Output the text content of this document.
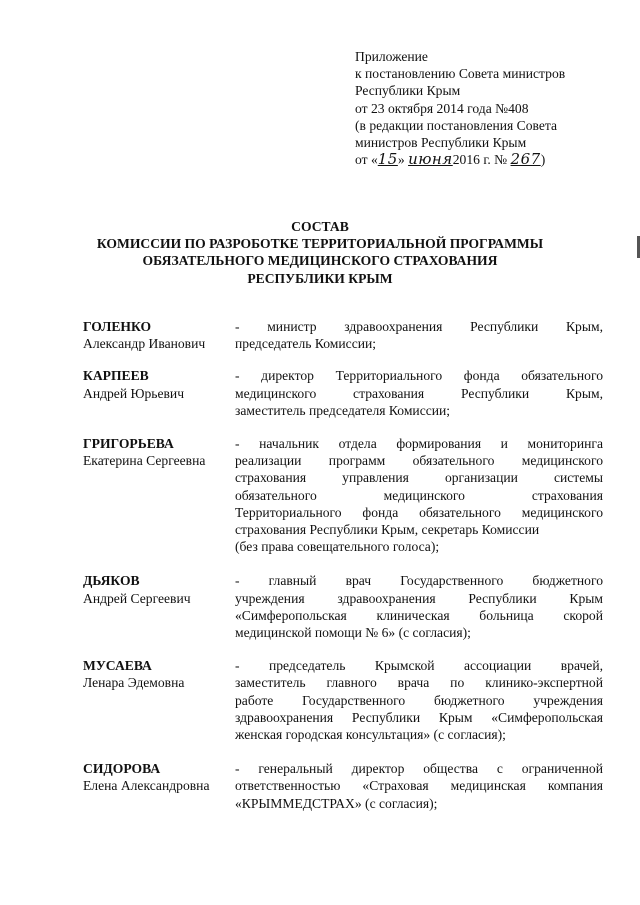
Приложение
к постановлению Совета министров
Республики Крым
от 23 октября 2014 года №408
(в редакции постановления Совета
министров Республики Крым
от «15» июня2016 г. № 267)
СОСТАВ
КОМИССИИ ПО РАЗРОБОТКЕ ТЕРРИТОРИАЛЬНОЙ ПРОГРАММЫ
ОБЯЗАТЕЛЬНОГО МЕДИЦИНСКОГО СТРАХОВАНИЯ
РЕСПУБЛИКИ КРЫМ
ГОЛЕНКО
Александр Иванович
- министр здравоохранения Республики Крым,
председатель Комиссии;
КАРПЕЕВ
Андрей Юрьевич
- директор Территориального фонда обязательного
медицинского страхования Республики Крым,
заместитель председателя Комиссии;
ГРИГОРЬЕВА
Екатерина Сергеевна
- начальник отдела формирования и мониторинга
реализации программ обязательного медицинского
страхования управления организации системы
обязательного медицинского страхования
Территориального фонда обязательного медицинского
страхования Республики Крым, секретарь Комиссии
(без права совещательного голоса);
ДЬЯКОВ
Андрей Сергеевич
- главный врач Государственного бюджетного
учреждения здравоохранения Республики Крым
«Симферопольская клиническая больница скорой
медицинской помощи № 6» (с согласия);
МУСАЕВА
Ленара Эдемовна
- председатель Крымской ассоциации врачей,
заместитель главного врача по клинико-экспертной
работе Государственного бюджетного учреждения
здравоохранения Республики Крым «Симферопольская
женская городская консультация» (с согласия);
СИДОРОВА
Елена Александровна
- генеральный директор общества с ограниченной
ответственностью «Страховая медицинская компания
«КРЫММЕДСТРАХ» (с согласия);
